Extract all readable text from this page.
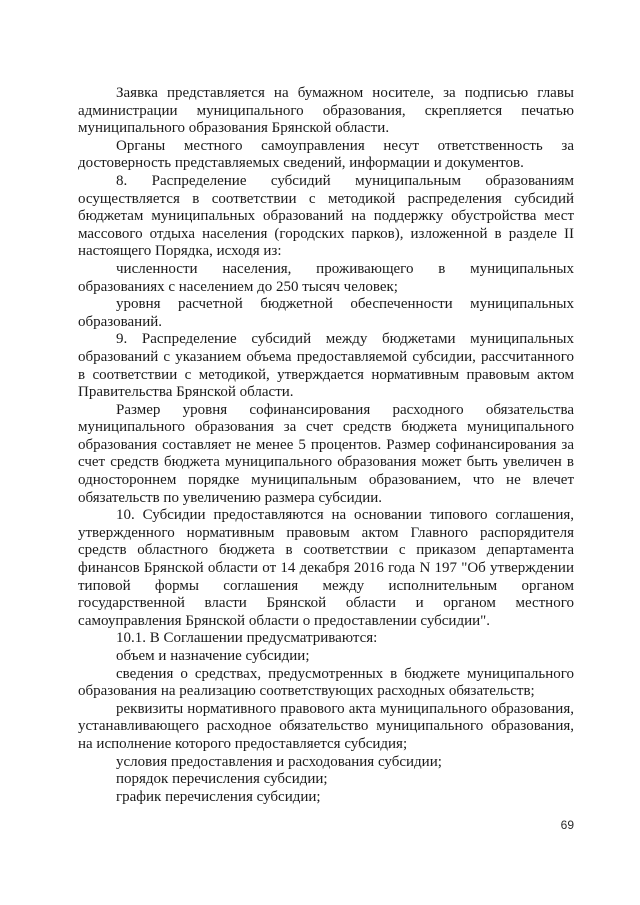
Заявка представляется на бумажном носителе, за подписью главы администрации муниципального образования, скрепляется печатью муниципального образования Брянской области.

Органы местного самоуправления несут ответственность за достоверность представляемых сведений, информации и документов.

8. Распределение субсидий муниципальным образованиям осуществляется в соответствии с методикой распределения субсидий бюджетам муниципальных образований на поддержку обустройства мест массового отдыха населения (городских парков), изложенной в разделе II настоящего Порядка, исходя из:

численности населения, проживающего в муниципальных образованиях с населением до 250 тысяч человек;

уровня расчетной бюджетной обеспеченности муниципальных образований.

9. Распределение субсидий между бюджетами муниципальных образований с указанием объема предоставляемой субсидии, рассчитанного в соответствии с методикой, утверждается нормативным правовым актом Правительства Брянской области.

Размер уровня софинансирования расходного обязательства муниципального образования за счет средств бюджета муниципального образования составляет не менее 5 процентов. Размер софинансирования за счет средств бюджета муниципального образования может быть увеличен в одностороннем порядке муниципальным образованием, что не влечет обязательств по увеличению размера субсидии.

10. Субсидии предоставляются на основании типового соглашения, утвержденного нормативным правовым актом Главного распорядителя средств областного бюджета в соответствии с приказом департамента финансов Брянской области от 14 декабря 2016 года N 197 "Об утверждении типовой формы соглашения между исполнительным органом государственной власти Брянской области и органом местного самоуправления Брянской области о предоставлении субсидии".

10.1. В Соглашении предусматриваются:

объем и назначение субсидии;

сведения о средствах, предусмотренных в бюджете муниципального образования на реализацию соответствующих расходных обязательств;

реквизиты нормативного правового акта муниципального образования, устанавливающего расходное обязательство муниципального образования, на исполнение которого предоставляется субсидия;

условия предоставления и расходования субсидии;

порядок перечисления субсидии;

график перечисления субсидии;

69
